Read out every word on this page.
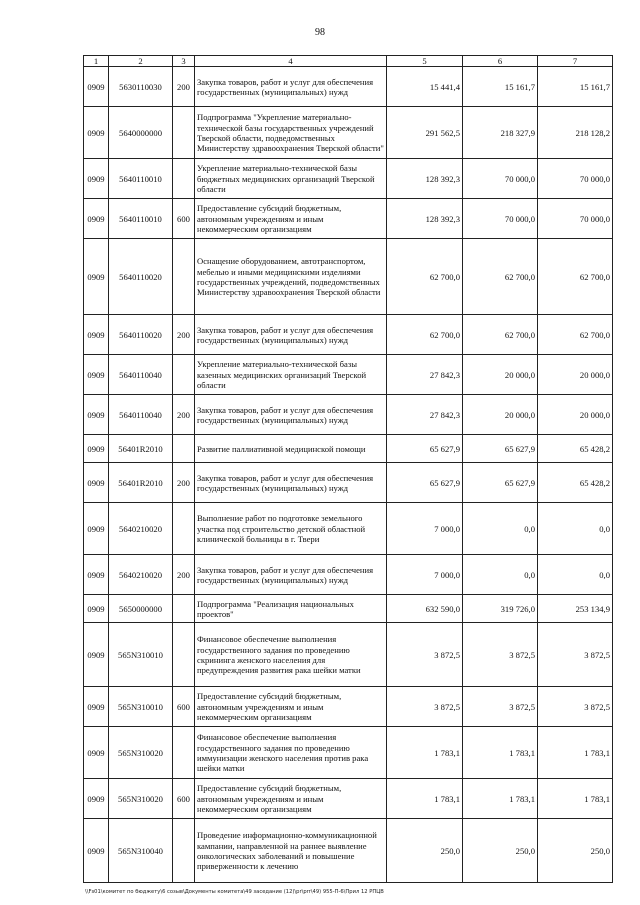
98
1	2	3	4	5	6	7
0909	5630110030	200	Закупка товаров, работ и услуг для обеспечения государственных (муниципальных) нужд	15 441,4	15 161,7	15 161,7
0909	5640000000		Подпрограмма "Укрепление материально-технической базы государственных учреждений Тверской области, подведомственных Министерству здравоохранения Тверской области"	291 562,5	218 327,9	218 128,2
0909	5640110010		Укрепление материально-технической базы бюджетных медицинских организаций Тверской области	128 392,3	70 000,0	70 000,0
0909	5640110010	600	Предоставление субсидий бюджетным, автономным учреждениям и иным некоммерческим организациям	128 392,3	70 000,0	70 000,0
0909	5640110020		Оснащение оборудованием, автотранспортом, мебелью и иными медицинскими изделиями государственных учреждений, подведомственных Министерству здравоохранения Тверской области	62 700,0	62 700,0	62 700,0
0909	5640110020	200	Закупка товаров, работ и услуг для обеспечения государственных (муниципальных) нужд	62 700,0	62 700,0	62 700,0
0909	5640110040		Укрепление материально-технической базы казенных медицинских организаций Тверской области	27 842,3	20 000,0	20 000,0
0909	5640110040	200	Закупка товаров, работ и услуг для обеспечения государственных (муниципальных) нужд	27 842,3	20 000,0	20 000,0
0909	56401R2010		Развитие паллиативной медицинской помощи	65 627,9	65 627,9	65 428,2
0909	56401R2010	200	Закупка товаров, работ и услуг для обеспечения государственных (муниципальных) нужд	65 627,9	65 627,9	65 428,2
0909	5640210020		Выполнение работ по подготовке земельного участка под строительство детской областной клинической больницы в г. Твери	7 000,0	0,0	0,0
0909	5640210020	200	Закупка товаров, работ и услуг для обеспечения государственных (муниципальных) нужд	7 000,0	0,0	0,0
0909	5650000000		Подпрограмма "Реализация национальных проектов"	632 590,0	319 726,0	253 134,9
0909	565N310010		Финансовое обеспечение выполнения государственного задания по проведению скрининга женского населения для предупреждения развития рака шейки матки	3 872,5	3 872,5	3 872,5
0909	565N310010	600	Предоставление субсидий бюджетным, автономным учреждениям и иным некоммерческим организациям	3 872,5	3 872,5	3 872,5
0909	565N310020		Финансовое обеспечение выполнения государственного задания по проведению иммунизации женского населения против рака шейки матки	1 783,1	1 783,1	1 783,1
0909	565N310020	600	Предоставление субсидий бюджетным, автономным учреждениям и иным некоммерческим организациям	1 783,1	1 783,1	1 783,1
0909	565N310040		Проведение информационно-коммуникационной кампании, направленной на раннее выявление онкологических заболеваний и повышение приверженности к лечению	250,0	250,0	250,0
\\Fs01\комитет по бюджету\6 созыв\Документы комитета\49 заседание (12)\pr\prr\49) 955-П-6\Прил 12 РПЦВ
